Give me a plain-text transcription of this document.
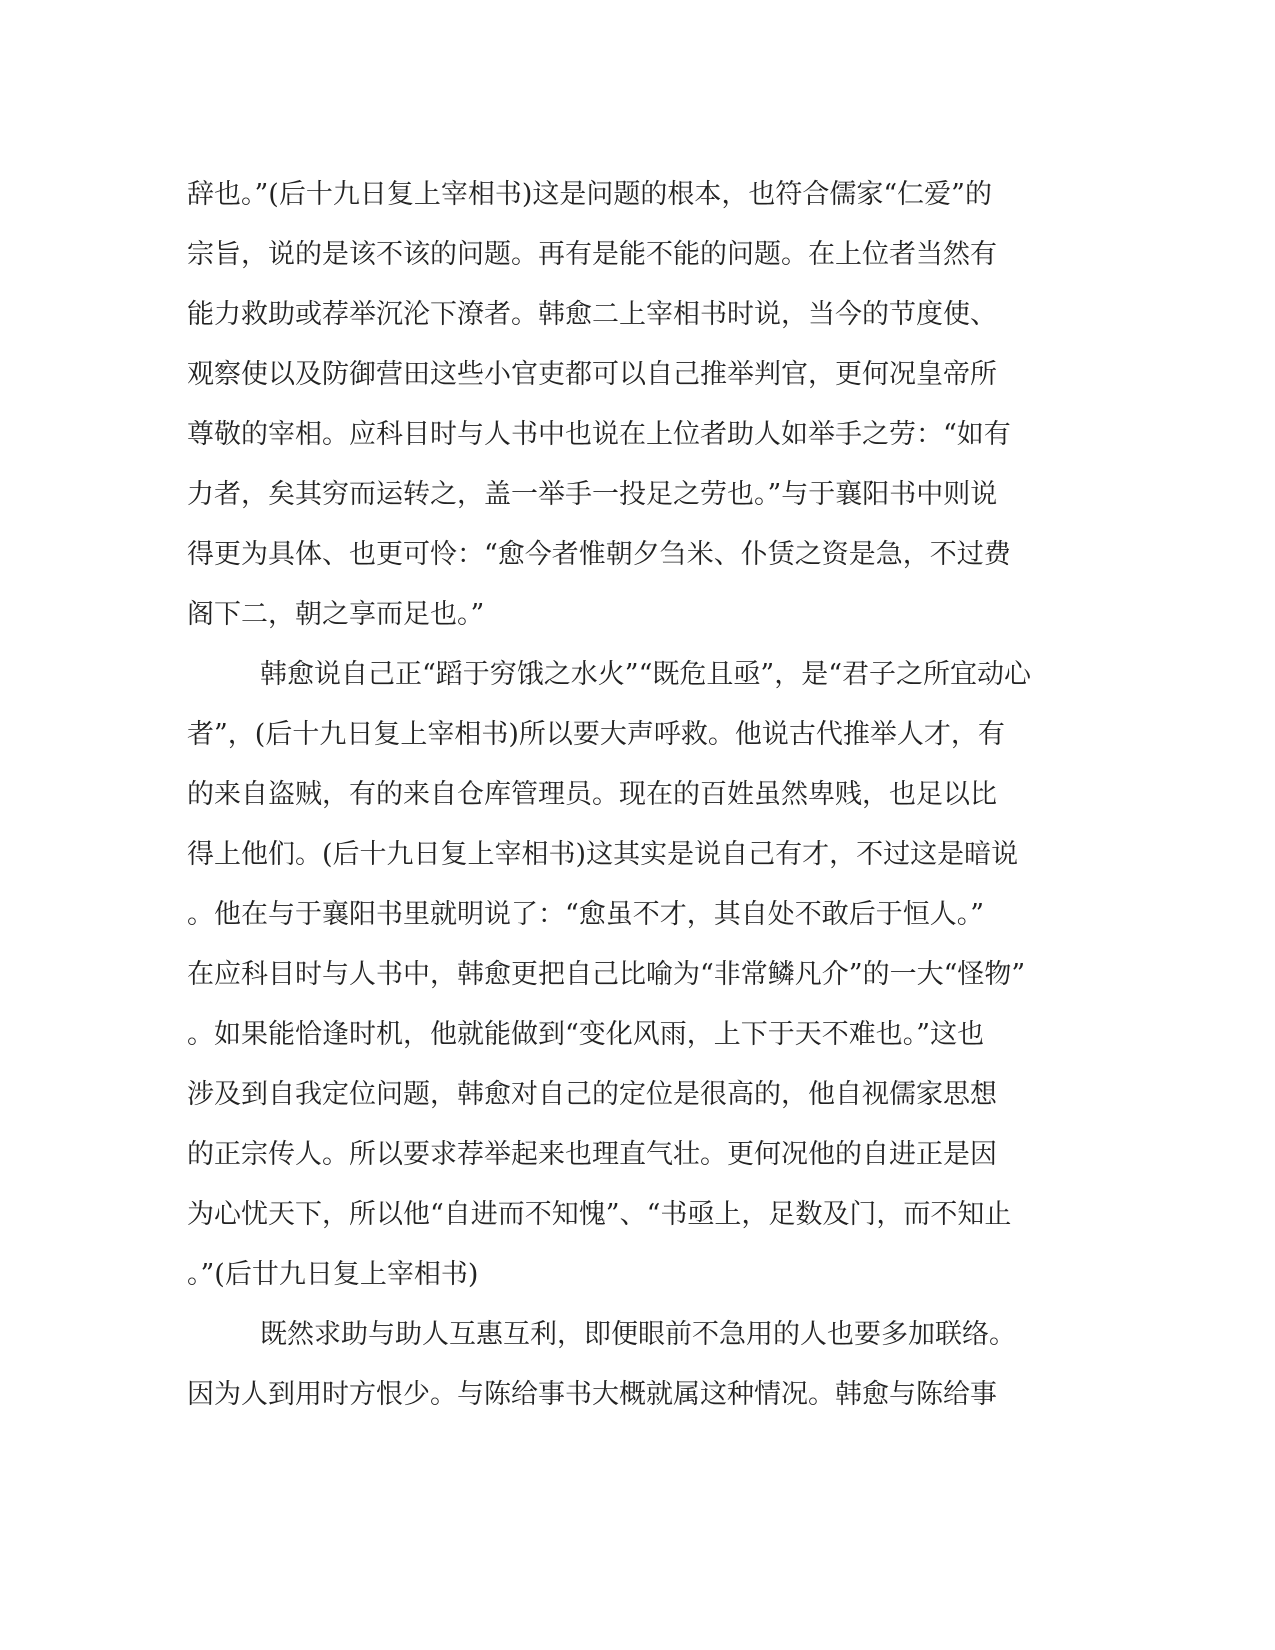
辞也。”(后十九日复上宰相书)这是问题的根本，也符合儒家“仁爱”的
宗旨，说的是该不该的问题。再有是能不能的问题。在上位者当然有
能力救助或荐举沉沦下潦者。韩愈二上宰相书时说，当今的节度使、
观察使以及防御营田这些小官吏都可以自己推举判官，更何况皇帝所
尊敬的宰相。应科目时与人书中也说在上位者助人如举手之劳：“如有
力者，矣其穷而运转之，盖一举手一投足之劳也。”与于襄阳书中则说
得更为具体、也更可怜：“愈今者惟朝夕刍米、仆赁之资是急，不过费
阁下二，朝之享而足也。”
韩愈说自己正“蹈于穷饿之水火”“既危且亟”，是“君子之所宜动心
者”，(后十九日复上宰相书)所以要大声呼救。他说古代推举人才，有
的来自盗贼，有的来自仓库管理员。现在的百姓虽然卑贱，也足以比
得上他们。(后十九日复上宰相书)这其实是说自己有才，不过这是暗说
。他在与于襄阳书里就明说了：“愈虽不才，其自处不敢后于恒人。”
在应科目时与人书中，韩愈更把自己比喻为“非常鳞凡介”的一大“怪物”
。如果能恰逢时机，他就能做到“变化风雨，上下于天不难也。”这也
涉及到自我定位问题，韩愈对自己的定位是很高的，他自视儒家思想
的正宗传人。所以要求荐举起来也理直气壮。更何况他的自进正是因
为心忧天下，所以他“自进而不知愧”、“书亟上，足数及门，而不知止
。”(后廿九日复上宰相书)
既然求助与助人互惠互利，即便眼前不急用的人也要多加联络。
因为人到用时方恨少。与陈给事书大概就属这种情况。韩愈与陈给事
